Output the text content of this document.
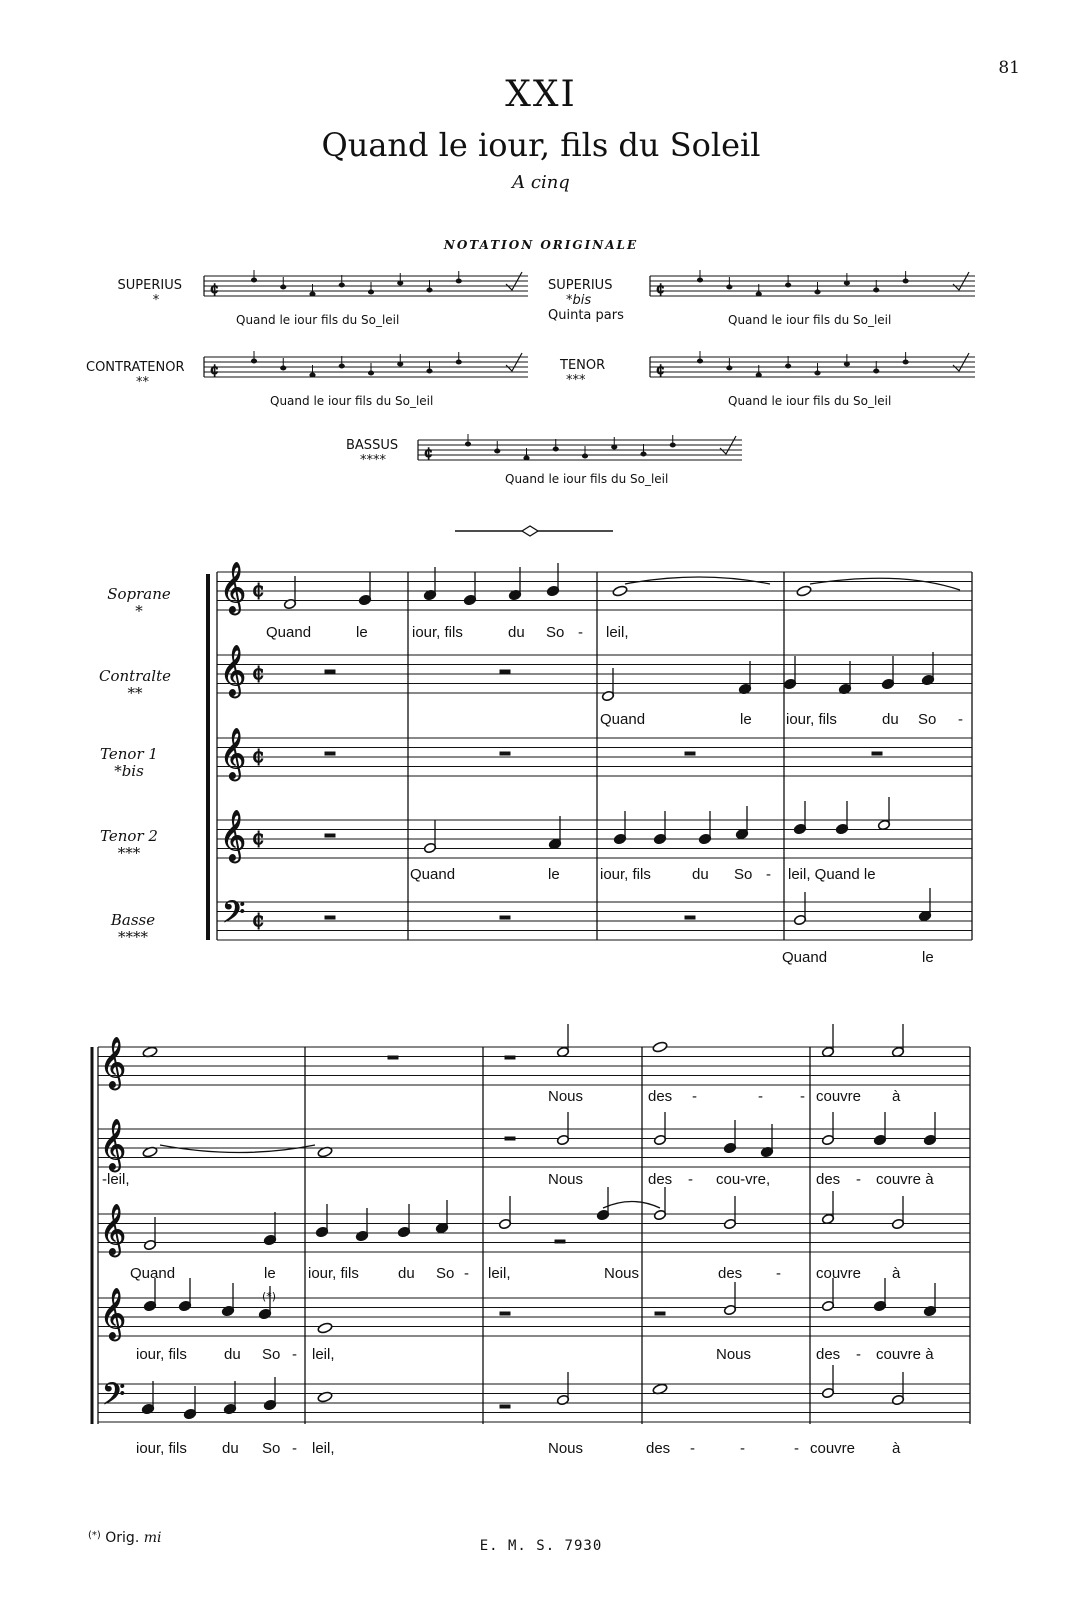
81
XXI
Quand le iour, fils du Soleil
A cinq
NOTATION ORIGINALE
SUPERIUS
*
SUPERIUS
*bis
Quinta pars
CONTRATENOR
**
TENOR
***
BASSUS
****
Quand le iour fils du So_leil	Quand le iour fils du So_leil
Quand le iour fils du So_leil	Quand le iour fils du So_leil
Quand le iour fils du So_leil
Soprane
*
Contralte
**
Tenor 1
*bis
Tenor 2
***
Basse
****
¢	¢
¢	¢
¢
𝄞 ¢
𝄞 ¢
𝄞 ¢
𝄞 ¢
𝄢 ¢
𝄞
𝄞
𝄞
𝄞
𝄢
Quand	le	iour, fils	du So - leil,
Quand	le iour, fils	du So -
Quand	le	iour, fils	du So - leil, Quand le
Quand	le
Nous	des -	- - couvre à
-leil,	Nous	des - cou-vre,	des - couvre à
Quand	le iour, fils	du So - leil,	Nous	des - couvre à
iour, fils du So - leil,	Nous	des - couvre à
iour, fils du So - leil,	Nous	des -	-	- couvre à
(*)
(*) Orig. mi	E. M. S. 7930
